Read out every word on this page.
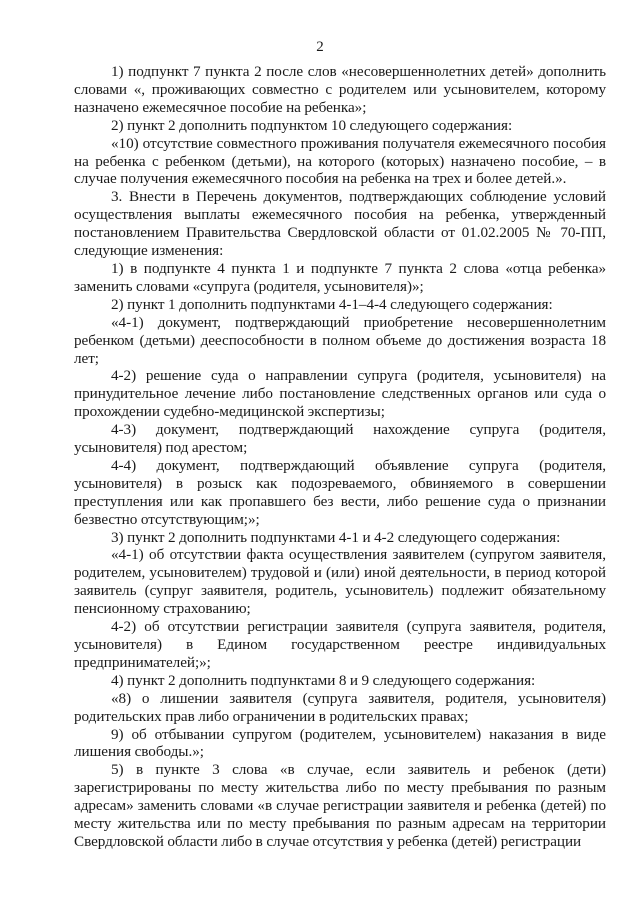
2

1) подпункт 7 пункта 2 после слов «несовершеннолетних детей» дополнить словами «, проживающих совместно с родителем или усыновителем, которому назначено ежемесячное пособие на ребенка»;

2) пункт 2 дополнить подпунктом 10 следующего содержания:

«10) отсутствие совместного проживания получателя ежемесячного пособия на ребенка с ребенком (детьми), на которого (которых) назначено пособие, – в случае получения ежемесячного пособия на ребенка на трех и более детей.».

3. Внести в Перечень документов, подтверждающих соблюдение условий осуществления выплаты ежемесячного пособия на ребенка, утвержденный постановлением Правительства Свердловской области от 01.02.2005 № 70-ПП, следующие изменения:

1) в подпункте 4 пункта 1 и подпункте 7 пункта 2 слова «отца ребенка» заменить словами «супруга (родителя, усыновителя)»;

2) пункт 1 дополнить подпунктами 4-1–4-4 следующего содержания:

«4-1) документ, подтверждающий приобретение несовершеннолетним ребенком (детьми) дееспособности в полном объеме до достижения возраста 18 лет;

4-2) решение суда о направлении супруга (родителя, усыновителя) на принудительное лечение либо постановление следственных органов или суда о прохождении судебно-медицинской экспертизы;

4-3) документ, подтверждающий нахождение супруга (родителя, усыновителя) под арестом;

4-4) документ, подтверждающий объявление супруга (родителя, усыновителя) в розыск как подозреваемого, обвиняемого в совершении преступления или как пропавшего без вести, либо решение суда о признании безвестно отсутствующим;»;

3) пункт 2 дополнить подпунктами 4-1 и 4-2 следующего содержания:

«4-1) об отсутствии факта осуществления заявителем (супругом заявителя, родителем, усыновителем) трудовой и (или) иной деятельности, в период которой заявитель (супруг заявителя, родитель, усыновитель) подлежит обязательному пенсионному страхованию;

4-2) об отсутствии регистрации заявителя (супруга заявителя, родителя, усыновителя) в Едином государственном реестре индивидуальных предпринимателей;»;

4) пункт 2 дополнить подпунктами 8 и 9 следующего содержания:

«8) о лишении заявителя (супруга заявителя, родителя, усыновителя) родительских прав либо ограничении в родительских правах;

9) об отбывании супругом (родителем, усыновителем) наказания в виде лишения свободы.»;

5) в пункте 3 слова «в случае, если заявитель и ребенок (дети) зарегистрированы по месту жительства либо по месту пребывания по разным адресам» заменить словами «в случае регистрации заявителя и ребенка (детей) по месту жительства или по месту пребывания по разным адресам на территории Свердловской области либо в случае отсутствия у ребенка (детей) регистрации
